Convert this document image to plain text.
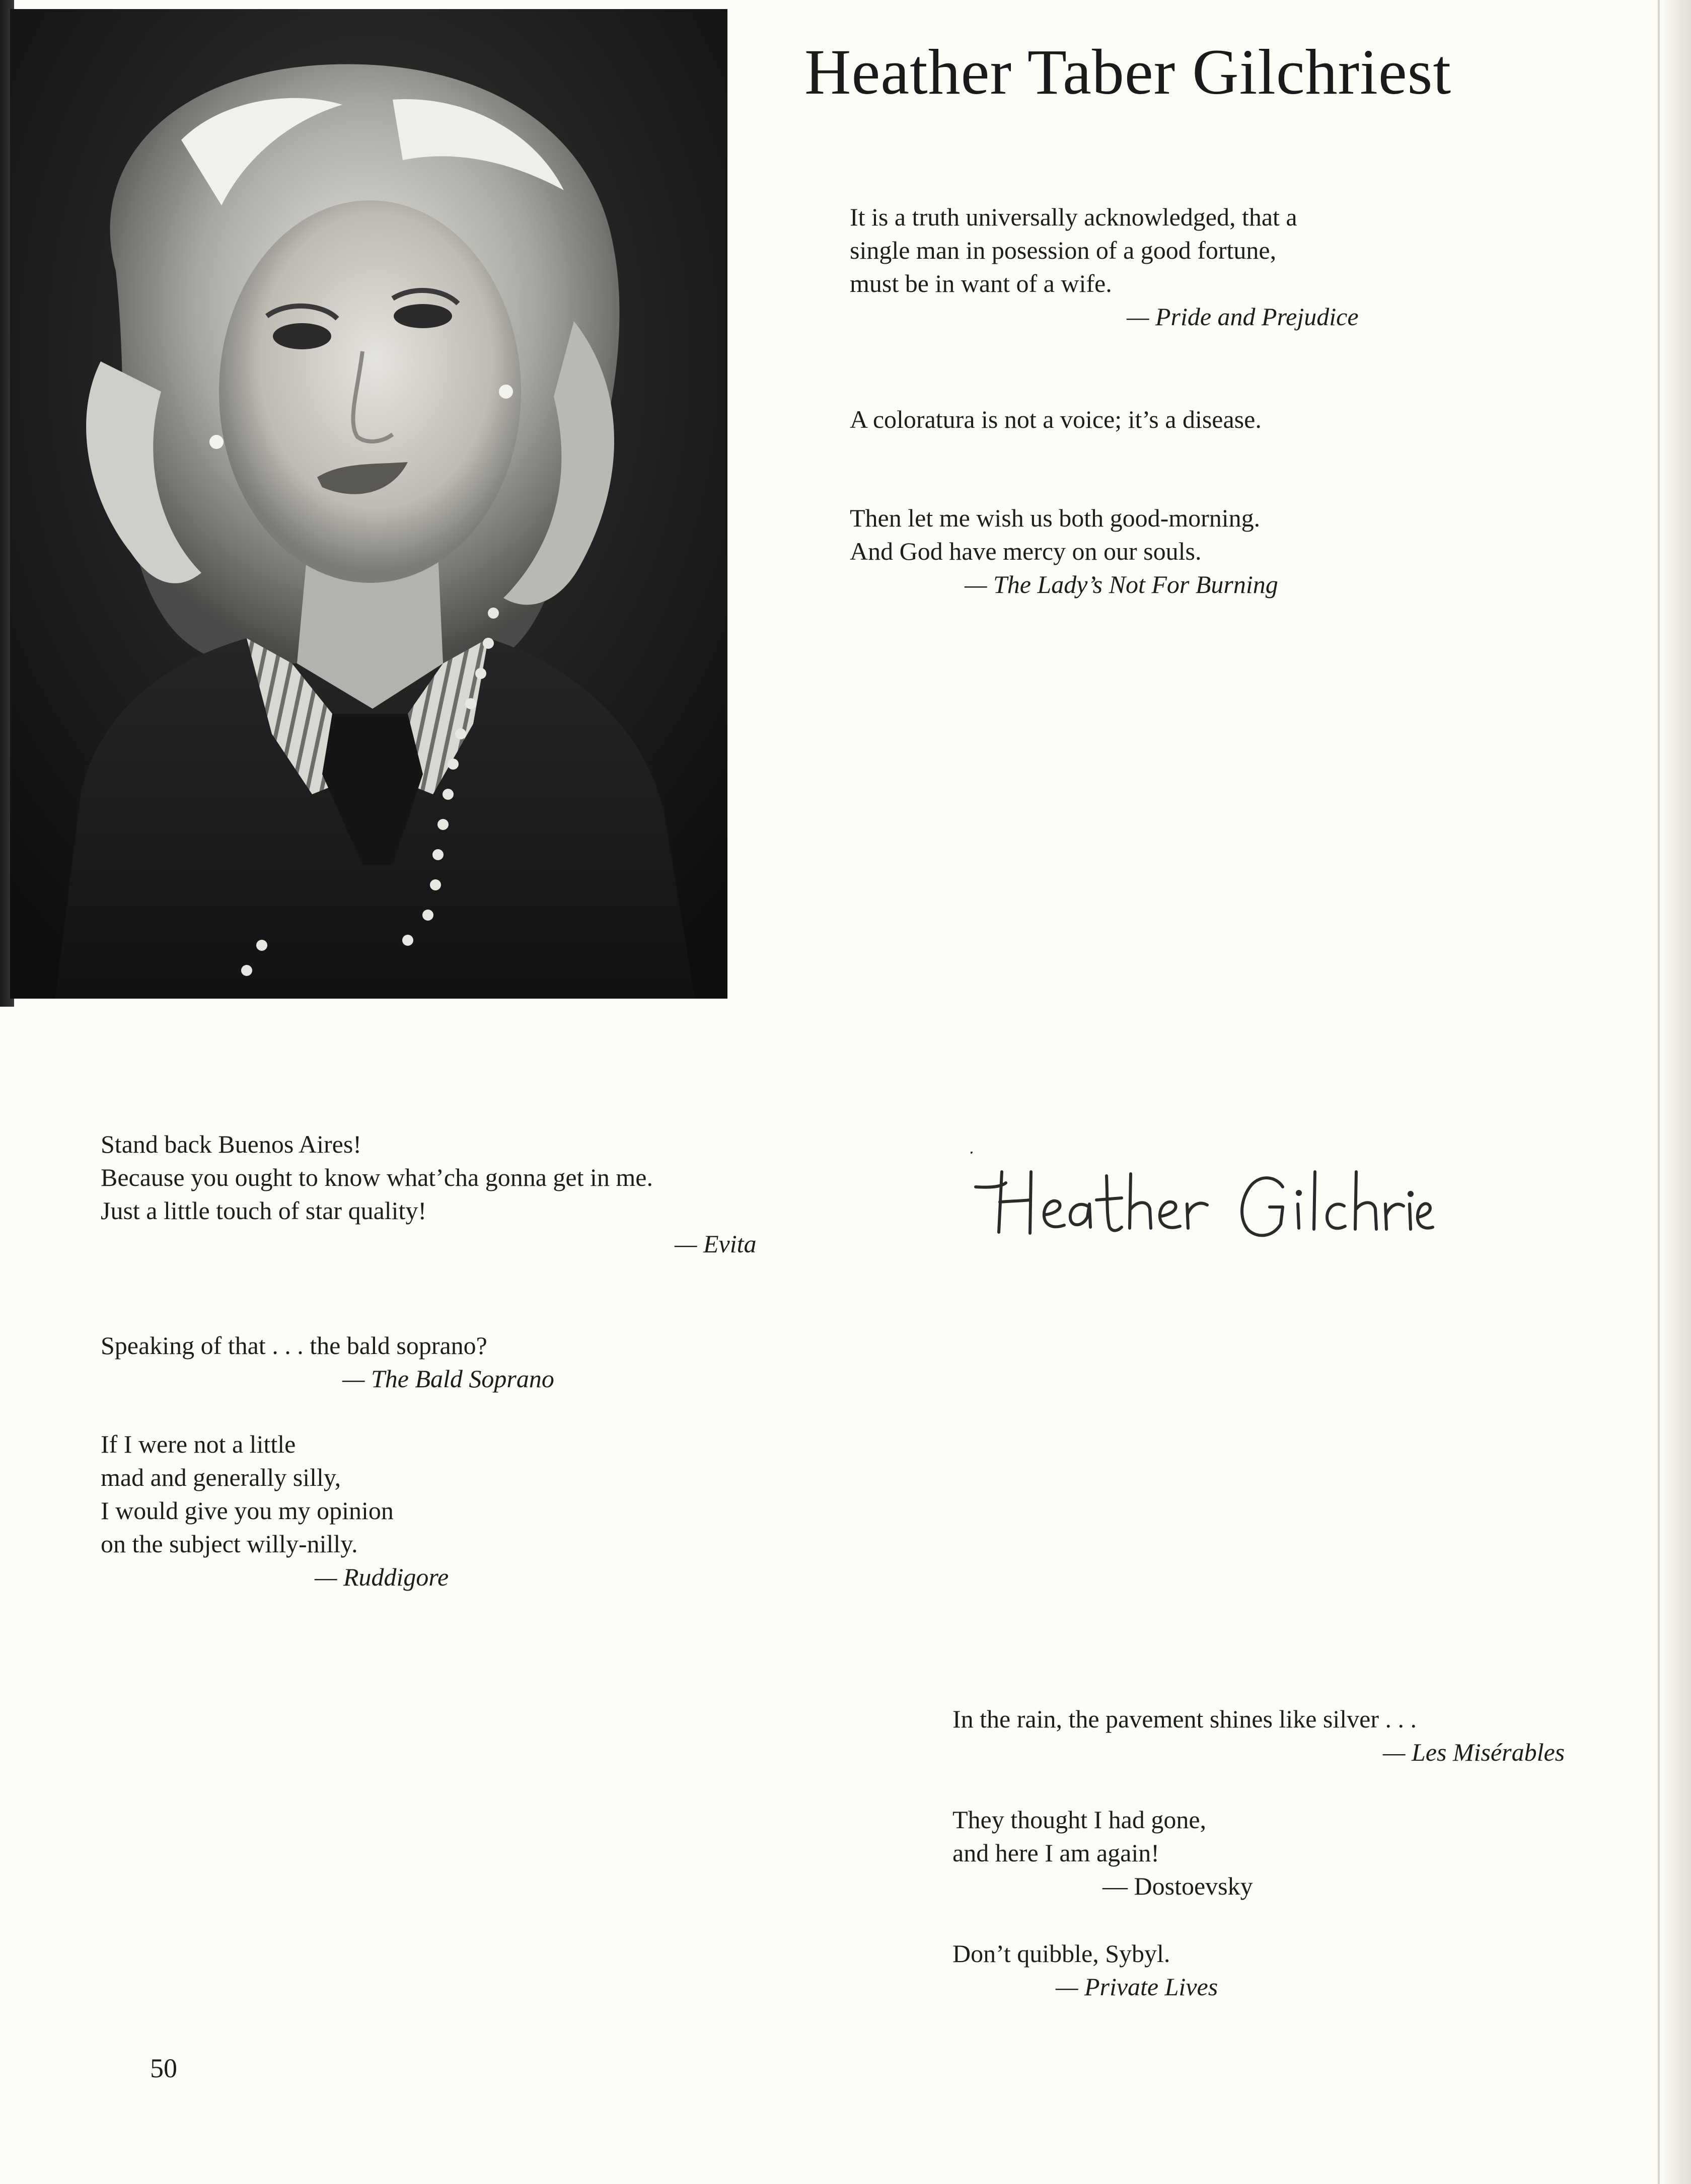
Heather Taber Gilchriest
It is a truth universally acknowledged, that a
single man in posession of a good fortune,
must be in want of a wife.
— Pride and Prejudice
A coloratura is not a voice; it’s a disease.
Then let me wish us both good-morning.
And God have mercy on our souls.
— The Lady’s Not For Burning
Stand back Buenos Aires!
Because you ought to know what’cha gonna get in me.
Just a little touch of star quality!
— Evita
Speaking of that . . . the bald soprano?
— The Bald Soprano
If I were not a little
mad and generally silly,
I would give you my opinion
on the subject willy-nilly.
— Ruddigore
In the rain, the pavement shines like silver . . .
— Les Misérables
They thought I had gone,
and here I am again!
— Dostoevsky
Don’t quibble, Sybyl.
— Private Lives
50
